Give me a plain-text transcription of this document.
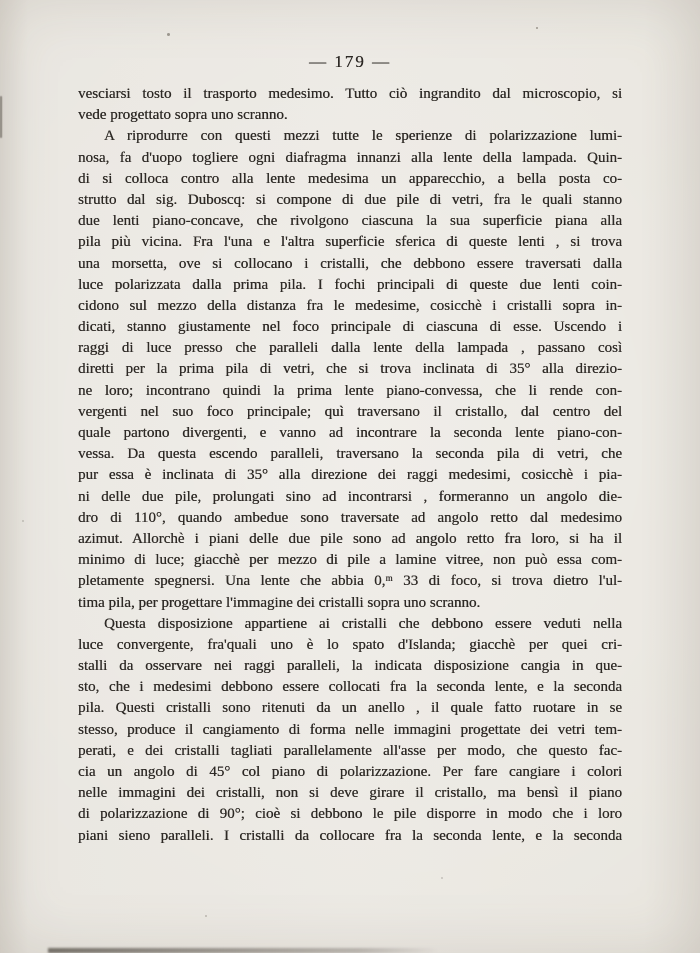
— 179 —
vesciarsi tosto il trasporto medesimo. Tutto ciò ingrandito dal microscopio, si
vede progettato sopra uno scranno.
A riprodurre con questi mezzi tutte le sperienze di polarizzazione lumi-
nosa, fa d'uopo togliere ogni diafragma innanzi alla lente della lampada. Quin-
di si colloca contro alla lente medesima un apparecchio, a bella posta co-
strutto dal sig. Duboscq: si compone di due pile di vetri, fra le quali stanno
due lenti piano-concave, che rivolgono ciascuna la sua superficie piana alla
pila più vicina. Fra l'una e l'altra superficie sferica di queste lenti , si trova
una morsetta, ove si collocano i cristalli, che debbono essere traversati dalla
luce polarizzata dalla prima pila. I fochi principali di queste due lenti coin-
cidono sul mezzo della distanza fra le medesime, cosicchè i cristalli sopra in-
dicati, stanno giustamente nel foco principale di ciascuna di esse. Uscendo i
raggi di luce presso che paralleli dalla lente della lampada , passano così
diretti per la prima pila di vetri, che si trova inclinata di 35° alla direzio-
ne loro; incontrano quindi la prima lente piano-convessa, che li rende con-
vergenti nel suo foco principale; quì traversano il cristallo, dal centro del
quale partono divergenti, e vanno ad incontrare la seconda lente piano-con-
vessa. Da questa escendo paralleli, traversano la seconda pila di vetri, che
pur essa è inclinata di 35° alla direzione dei raggi medesimi, cosicchè i pia-
ni delle due pile, prolungati sino ad incontrarsi , formeranno un angolo die-
dro di 110°, quando ambedue sono traversate ad angolo retto dal medesimo
azimut. Allorchè i piani delle due pile sono ad angolo retto fra loro, si ha il
minimo di luce; giacchè per mezzo di pile a lamine vitree, non può essa com-
pletamente spegnersi. Una lente che abbia 0,ᵐ 33 di foco, si trova dietro l'ul-
tima pila, per progettare l'immagine dei cristalli sopra uno scranno.
Questa disposizione appartiene ai cristalli che debbono essere veduti nella
luce convergente, fra'quali uno è lo spato d'Islanda; giacchè per quei cri-
stalli da osservare nei raggi paralleli, la indicata disposizione cangia in que-
sto, che i medesimi debbono essere collocati fra la seconda lente, e la seconda
pila. Questi cristalli sono ritenuti da un anello , il quale fatto ruotare in se
stesso, produce il cangiamento di forma nelle immagini progettate dei vetri tem-
perati, e dei cristalli tagliati parallelamente all'asse per modo, che questo fac-
cia un angolo di 45° col piano di polarizzazione. Per fare cangiare i colori
nelle immagini dei cristalli, non si deve girare il cristallo, ma bensì il piano
di polarizzazione di 90°; cioè si debbono le pile disporre in modo che i loro
piani sieno paralleli. I cristalli da collocare fra la seconda lente, e la seconda
